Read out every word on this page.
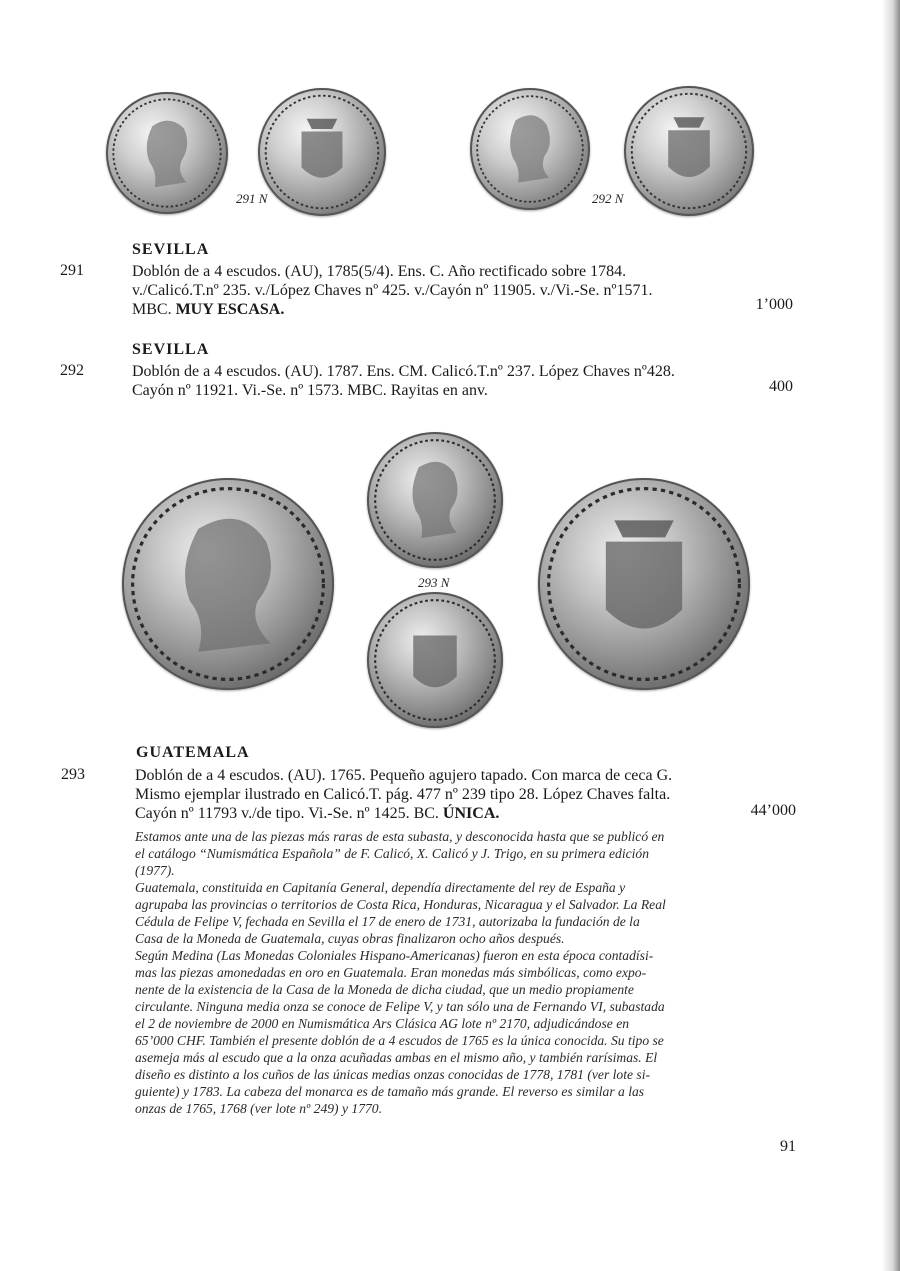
291 N	292 N
SEVILLA
291	Doblón de a 4 escudos. (AU), 1785(5/4). Ens. C. Año rectificado sobre 1784.
v./Calicó.T.nº 235. v./López Chaves nº 425. v./Cayón nº 11905. v./Vi.-Se. nº1571.
MBC. MUY ESCASA.	1’000
SEVILLA
292	Doblón de a 4 escudos. (AU). 1787. Ens. CM. Calicó.T.nº 237. López Chaves nº428.
Cayón nº 11921. Vi.-Se. nº 1573. MBC. Rayitas en anv.	400
293 N
GUATEMALA
293	Doblón de a 4 escudos. (AU). 1765. Pequeño agujero tapado. Con marca de ceca G.
Mismo ejemplar ilustrado en Calicó.T. pág. 477 nº 239 tipo 28. López Chaves falta.
Cayón nº 11793 v./de tipo. Vi.-Se. nº 1425. BC. ÚNICA.	44’000
Estamos ante una de las piezas más raras de esta subasta, y desconocida hasta que se publicó en
el catálogo “Numismática Española” de F. Calicó, X. Calicó y J. Trigo, en su primera edición
(1977).
Guatemala, constituida en Capitanía General, dependía directamente del rey de España y
agrupaba las provincias o territorios de Costa Rica, Honduras, Nicaragua y el Salvador. La Real
Cédula de Felipe V, fechada en Sevilla el 17 de enero de 1731, autorizaba la fundación de la
Casa de la Moneda de Guatemala, cuyas obras finalizaron ocho años después.
Según Medina (Las Monedas Coloniales Hispano-Americanas) fueron en esta época contadísi-
mas las piezas amonedadas en oro en Guatemala. Eran monedas más simbólicas, como expo-
nente de la existencia de la Casa de la Moneda de dicha ciudad, que un medio propiamente
circulante. Ninguna media onza se conoce de Felipe V, y tan sólo una de Fernando VI, subastada
el 2 de noviembre de 2000 en Numismática Ars Clásica AG lote nº 2170, adjudicándose en
65’000 CHF. También el presente doblón de a 4 escudos de 1765 es la única conocida. Su tipo se
asemeja más al escudo que a la onza acuñadas ambas en el mismo año, y también rarísimas. El
diseño es distinto a los cuños de las únicas medias onzas conocidas de 1778, 1781 (ver lote si-
guiente) y 1783. La cabeza del monarca es de tamaño más grande. El reverso es similar a las
onzas de 1765, 1768 (ver lote nº 249) y 1770.
91
